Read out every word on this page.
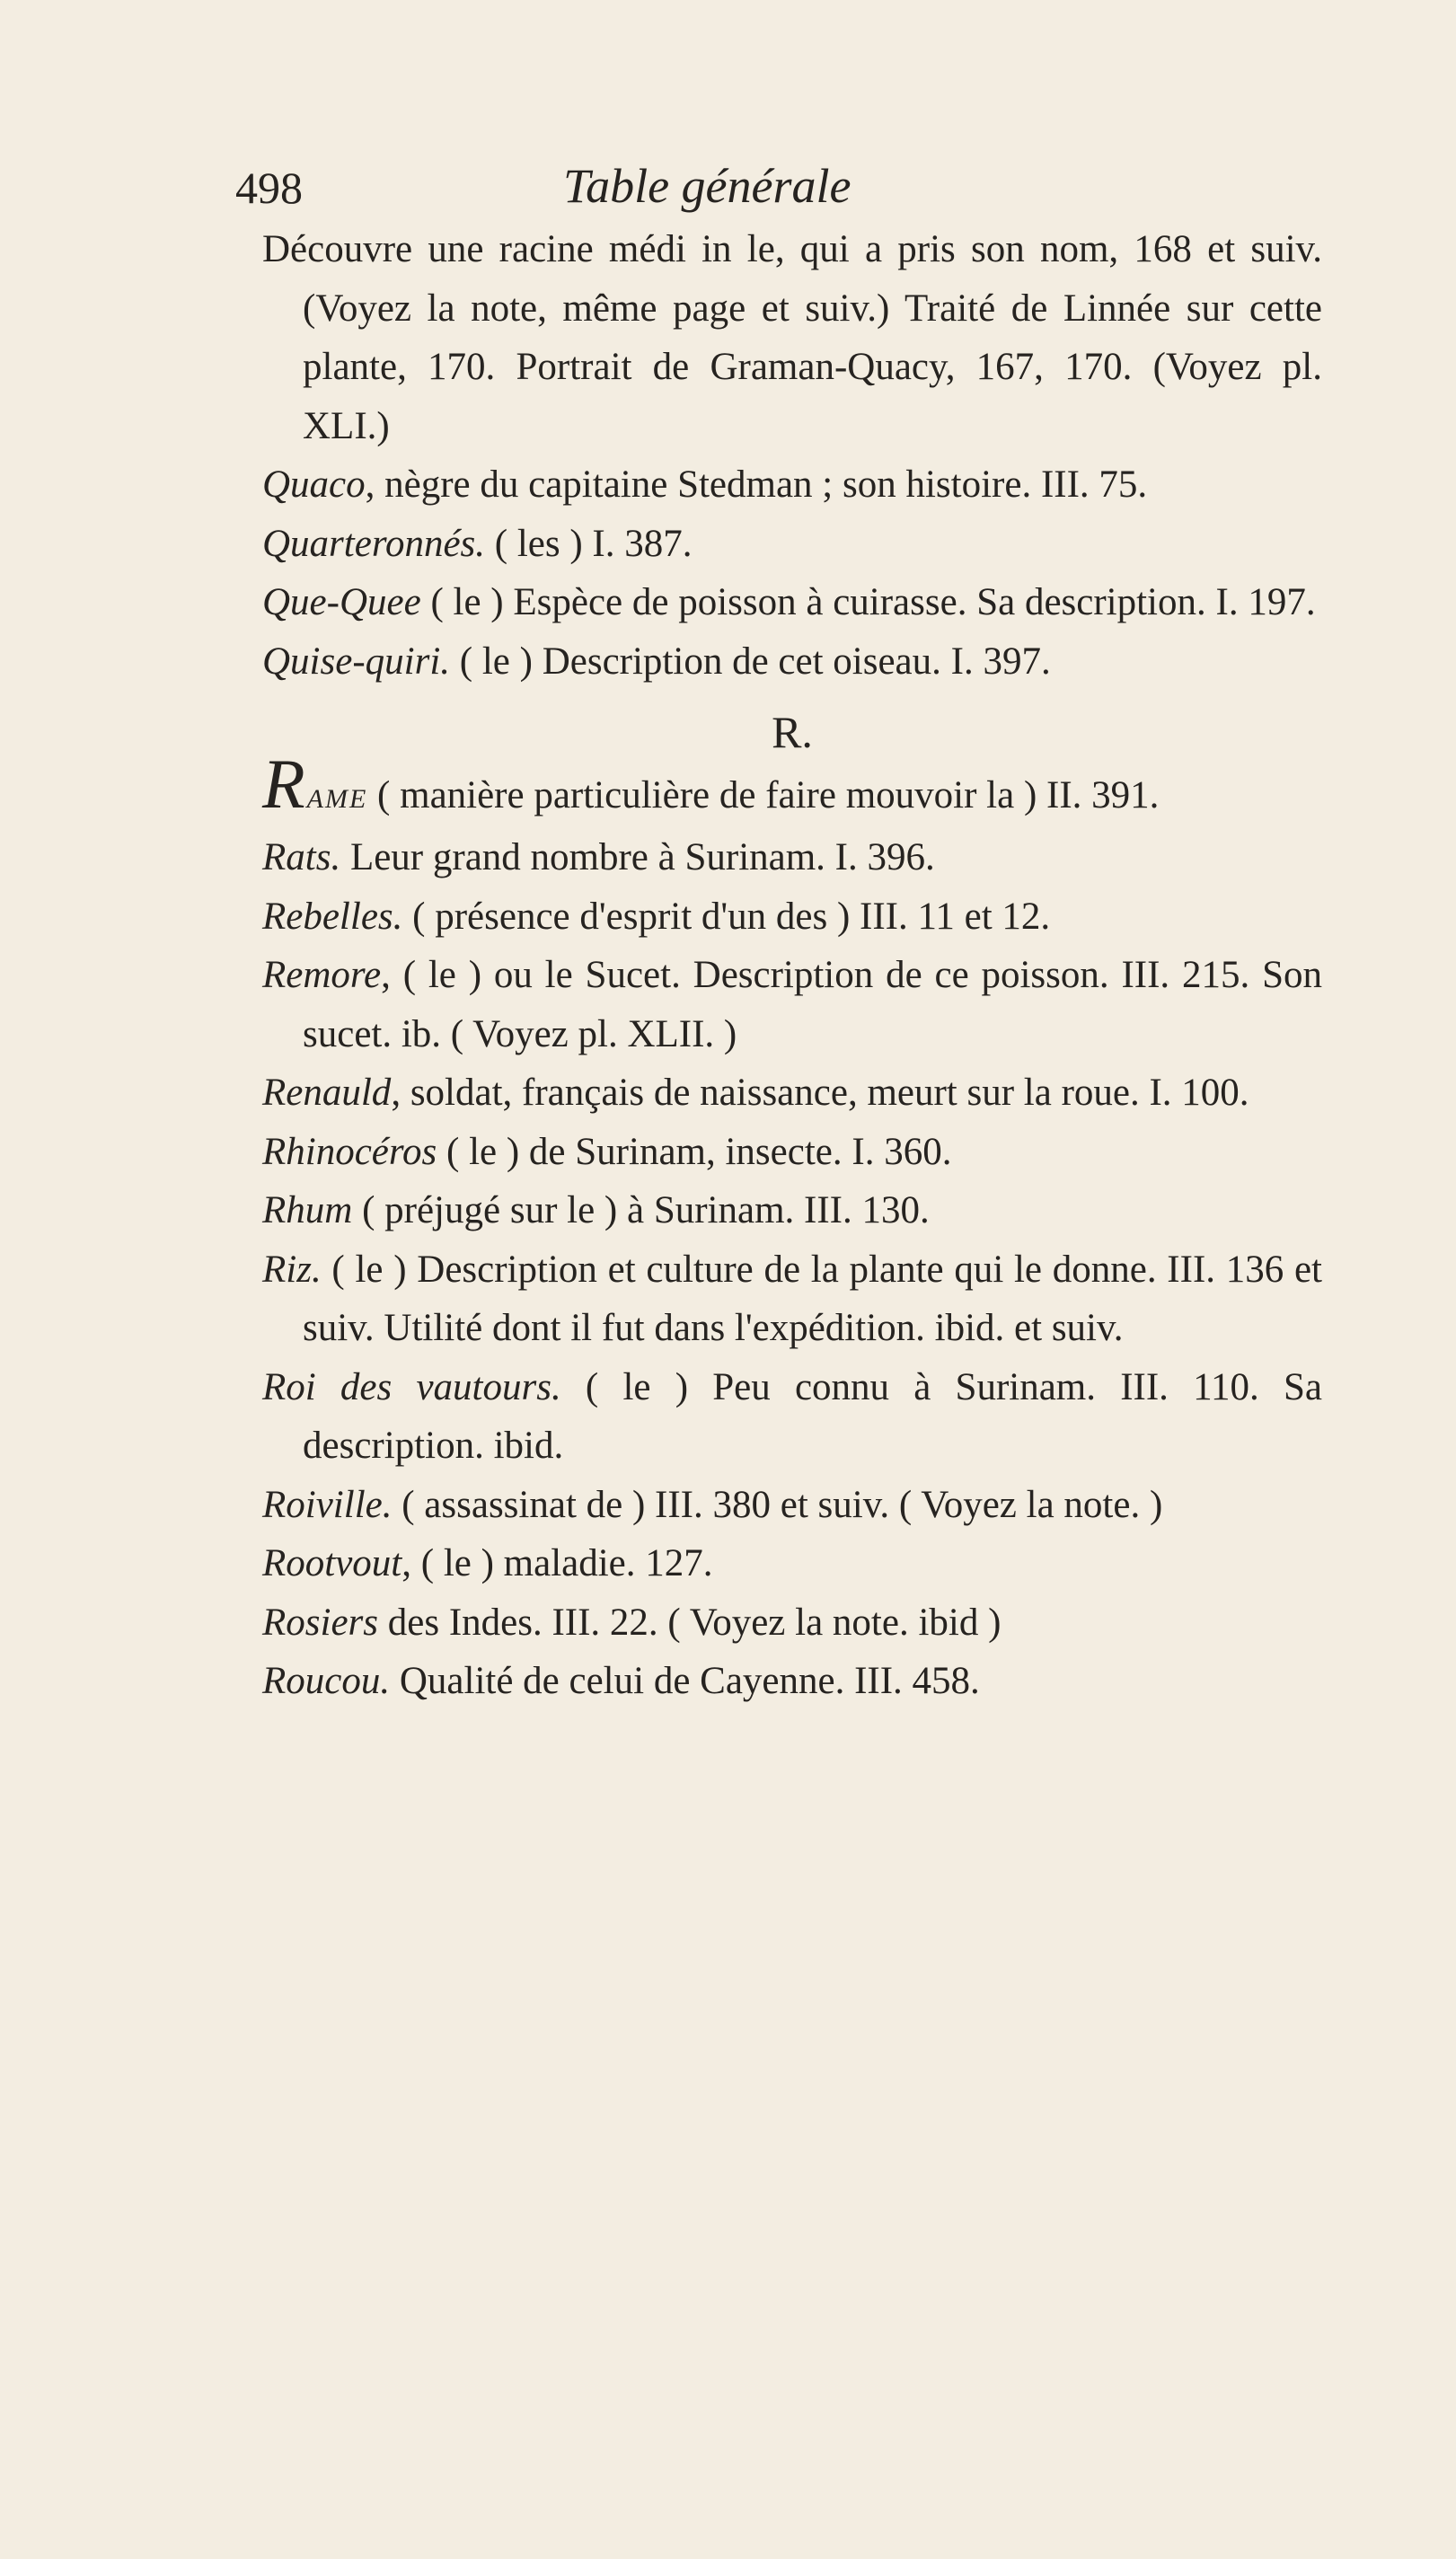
498	Table générale

Découvre une racine médi in le, qui a pris son nom, 168 et suiv. (Voyez la note, même page et suiv.) Traité de Linnée sur cette plante, 170. Portrait de Graman-Quacy, 167, 170. (Voyez pl. XLI.)

Quaco, nègre du capitaine Stedman ; son histoire. III. 75.

Quarteronnés. ( les ) I. 387.

Que-Quee ( le ) Espèce de poisson à cuirasse. Sa description. I. 197.

Quise-quiri. ( le ) Description de cet oiseau. I. 397.

R.

RAME ( manière particulière de faire mouvoir la ) II. 391.

Rats. Leur grand nombre à Surinam. I. 396.

Rebelles. ( présence d'esprit d'un des ) III. 11 et 12.

Remore, ( le ) ou le Sucet. Description de ce poisson. III. 215. Son sucet. ib. ( Voyez pl. XLII. )

Renauld, soldat, français de naissance, meurt sur la roue. I. 100.

Rhinocéros ( le ) de Surinam, insecte. I. 360.

Rhum ( préjugé sur le ) à Surinam. III. 130.

Riz. ( le ) Description et culture de la plante qui le donne. III. 136 et suiv. Utilité dont il fut dans l'expédition. ibid. et suiv.

Roi des vautours. ( le ) Peu connu à Surinam. III. 110. Sa description. ibid.

Roiville. ( assassinat de ) III. 380 et suiv. ( Voyez la note. )

Rootvout, ( le ) maladie. 127.

Rosiers des Indes. III. 22. ( Voyez la note. ibid )

Roucou. Qualité de celui de Cayenne. III. 458.
